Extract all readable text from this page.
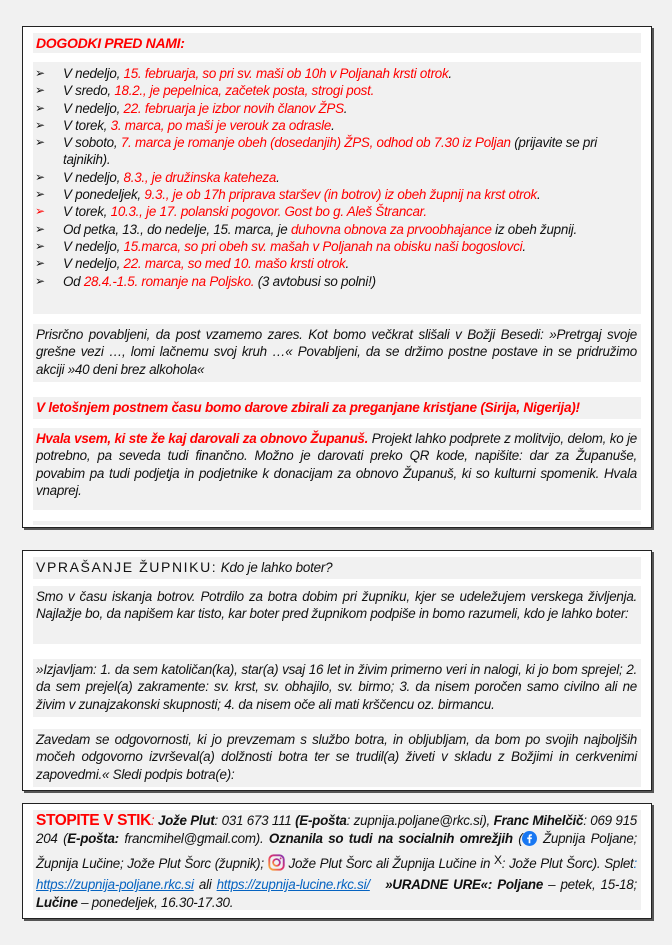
DOGODKI PRED NAMI:
➢ V nedeljo, 15. februarja, so pri sv. maši ob 10h v Poljanah krsti otrok.
➢ V sredo, 18.2., je pepelnica, začetek posta, strogi post.
➢ V nedeljo, 22. februarja je izbor novih članov ŽPS.
➢ V torek, 3. marca, po maši je verouk za odrasle.
➢ V soboto, 7. marca je romanje obeh (dosedanjih) ŽPS, odhod ob 7.30 iz Poljan (prijavite se pri tajnikih).
➢ V nedeljo, 8.3., je družinska kateheza.
➢ V ponedeljek, 9.3., je ob 17h priprava staršev (in botrov) iz obeh župnij na krst otrok.
➢ V torek, 10.3., je 17. polanski pogovor. Gost bo g. Aleš Štrancar.
➢ Od petka, 13., do nedelje, 15. marca, je duhovna obnova za prvoobhajance iz obeh župnij.
➢ V nedeljo, 15.marca, so pri obeh sv. mašah v Poljanah na obisku naši bogoslovci.
➢ V nedeljo, 22. marca, so med 10. mašo krsti otrok.
➢ Od 28.4.-1.5. romanje na Poljsko. (3 avtobusi so polni!)
Prisrčno povabljeni, da post vzamemo zares. Kot bomo večkrat slišali v Božji Besedi: »Pretrgaj svoje grešne vezi …, lomi lačnemu svoj kruh …« Povabljeni, da se držimo postne postave in se pridružimo akciji »40 deni brez alkohola«
V letošnjem postnem času bomo darove zbirali za preganjane kristjane (Sirija, Nigerija)!
Hvala vsem, ki ste že kaj darovali za obnovo Županuš. Projekt lahko podprete z molitvijo, delom, ko je potrebno, pa seveda tudi finančno. Možno je darovati preko QR kode, napišite: dar za Županuše, povabim pa tudi podjetja in podjetnike k donacijam za obnovo Županuš, ki so kulturni spomenik. Hvala vnaprej.
VPRAŠANJE ŽUPNIKU: Kdo je lahko boter?
Smo v času iskanja botrov. Potrdilo za botra dobim pri župniku, kjer se udeležujem verskega življenja. Najlažje bo, da napišem kar tisto, kar boter pred župnikom podpiše in bomo razumeli, kdo je lahko boter:
»Izjavljam: 1. da sem katoličan(ka), star(a) vsaj 16 let in živim primerno veri in nalogi, ki jo bom sprejel; 2. da sem prejel(a) zakramente: sv. krst, sv. obhajilo, sv. birmo; 3. da nisem poročen samo civilno ali ne živim v zunajzakonski skupnosti; 4. da nisem oče ali mati krščencu oz. birmancu.
Zavedam se odgovornosti, ki jo prevzemam s službo botra, in obljubljam, da bom po svojih najboljših močeh odgovorno izvrševal(a) dolžnosti botra ter se trudil(a) živeti v skladu z Božjimi in cerkvenimi zapovedmi.« Sledi podpis botra(e):
STOPITE V STIK: Jože Plut: 031 673 111 (E-pošta: zupnija.poljane@rkc.si), Franc Mihelčič: 069 915 204 (E-pošta: francmihel@gmail.com). Oznanila so tudi na socialnih omrežjih ( Župnija Poljane; Župnija Lučine; Jože Plut Šorc (župnik);  Jože Plut Šorc ali Župnija Lučine in X: Jože Plut Šorc). Splet: https://zupnija-poljane.rkc.si ali https://zupnija-lucine.rkc.si/ »URADNE URE«: Poljane – petek, 15-18; Lučine – ponedeljek, 16.30-17.30.
